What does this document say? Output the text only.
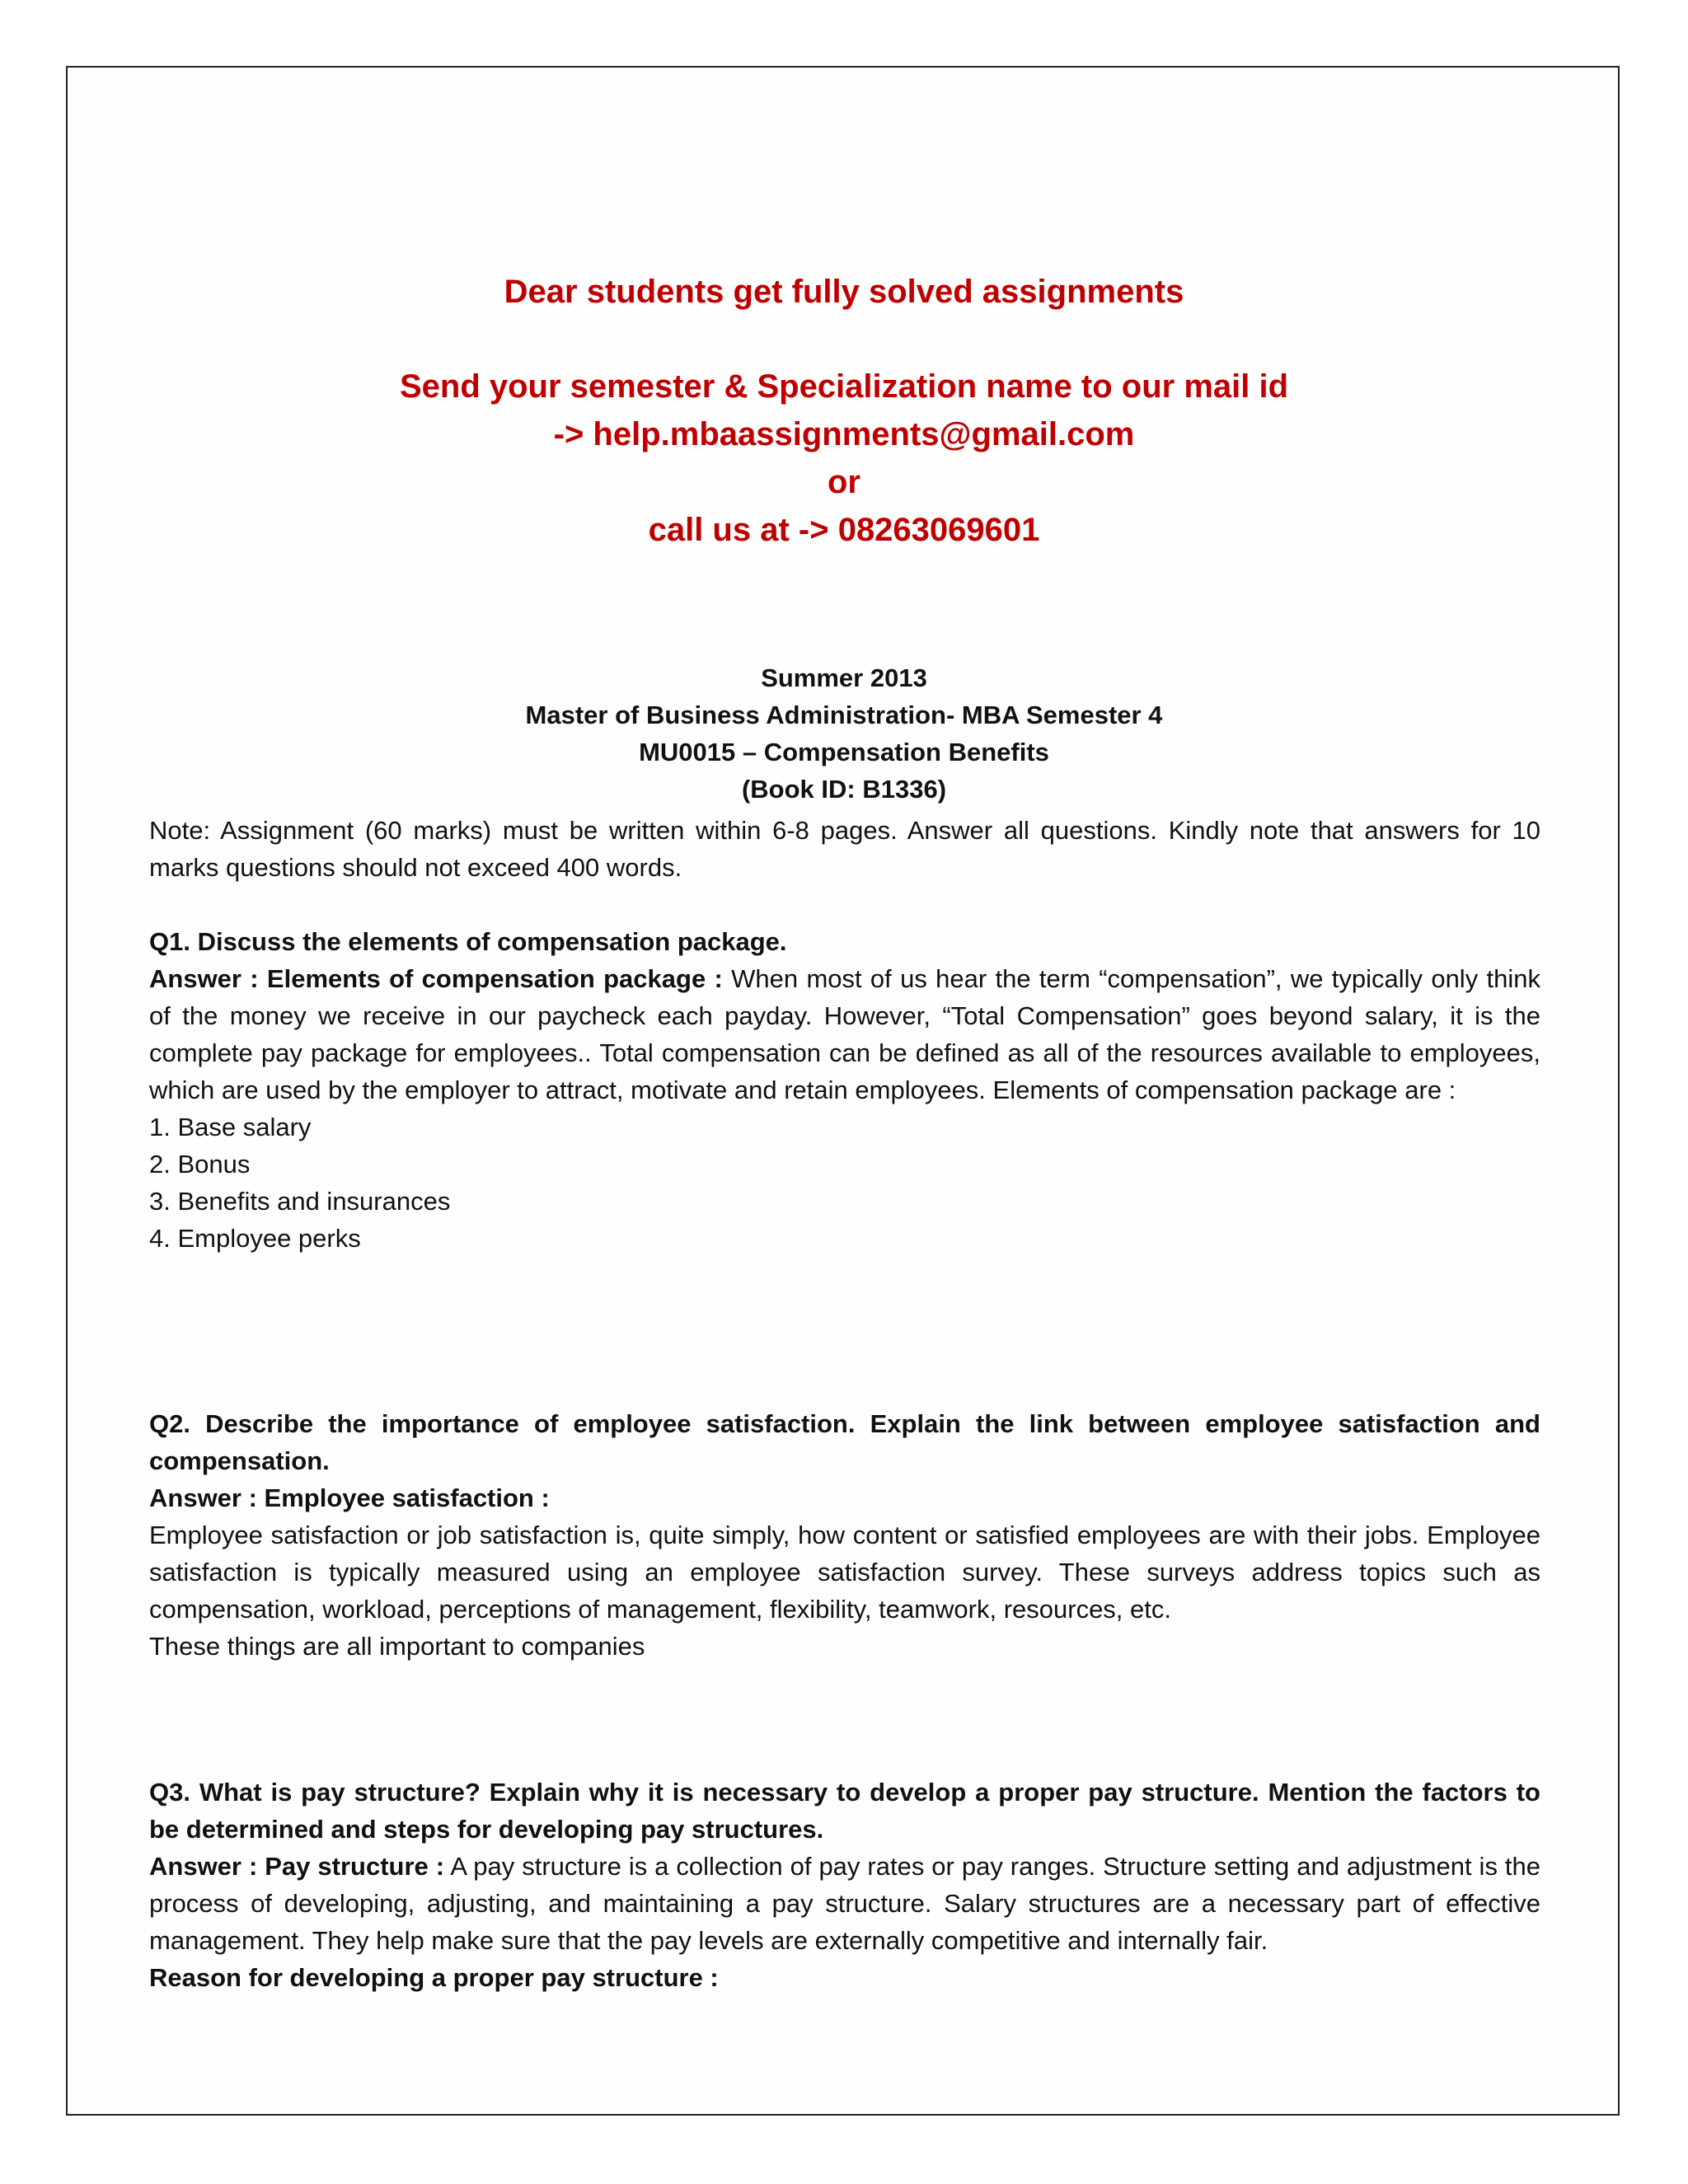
Dear students get fully solved assignments
Send your semester & Specialization name to our mail id
-> help.mbaassignments@gmail.com
or
call us at -> 08263069601
Summer 2013
Master of Business Administration- MBA Semester 4
MU0015 – Compensation Benefits
(Book ID: B1336)

Note: Assignment (60 marks) must be written within 6-8 pages. Answer all questions. Kindly note that answers for 10 marks questions should not exceed 400 words.

Q1. Discuss the elements of compensation package.

Answer : Elements of compensation package : When most of us hear the term “compensation”, we typically only think of the money we receive in our paycheck each payday. However, “Total Compensation” goes beyond salary, it is the complete pay package for employees.. Total compensation can be defined as all of the resources available to employees, which are used by the employer to attract, motivate and retain employees. Elements of compensation package are :

1. Base salary

2. Bonus

3. Benefits and insurances

4. Employee perks

Q2. Describe the importance of employee satisfaction. Explain the link between employee satisfaction and compensation.

Answer : Employee satisfaction :

Employee satisfaction or job satisfaction is, quite simply, how content or satisfied employees are with their jobs. Employee satisfaction is typically measured using an employee satisfaction survey. These surveys address topics such as compensation, workload, perceptions of management, flexibility, teamwork, resources, etc.

These things are all important to companies

Q3. What is pay structure? Explain why it is necessary to develop a proper pay structure. Mention the factors to be determined and steps for developing pay structures.

Answer : Pay structure : A pay structure is a collection of pay rates or pay ranges. Structure setting and adjustment is the process of developing, adjusting, and maintaining a pay structure. Salary structures are a necessary part of effective management. They help make sure that the pay levels are externally competitive and internally fair.

Reason for developing a proper pay structure :
